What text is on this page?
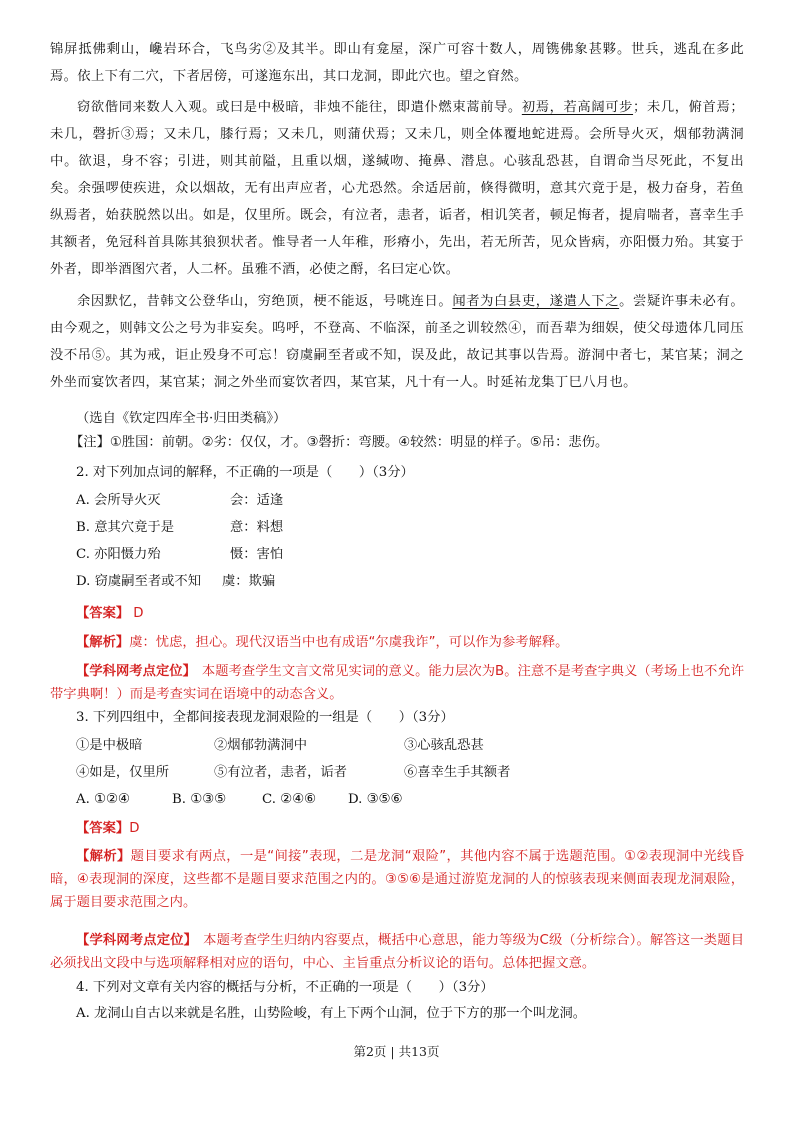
锦屏抵佛剩山，巉岩环合，飞鸟劣②及其半。即山有龛屋，深广可容十数人，周镌佛象甚夥。世兵，逃乱在多此焉。依上下有二穴，下者居傍，可遂迤东出，其口龙洞，即此穴也。望之窅然。
窃欲偕同来数人入观。或曰是中极暗，非烛不能往，即遣仆燃束蒿前导。初焉，若高阔可步；未几，俯首焉；未几，磬折③焉；又未几，膝行焉；又未几，则蒲伏焉；又未几，则全体覆地蛇进焉。会所导火灭，烟郁勃满洞中。欲退，身不容；引进，则其前隘，且重以烟，遂缄吻、掩鼻、潜息。心骇乱恐甚，自谓命当尽死此，不复出矣。余强啰使疾进，众以烟故，无有出声应者，心尤恐然。余适居前，倏得微明，意其穴竟于是，极力奋身，若鱼纵焉者，始获脱然以出。如是，仅里所。既会，有泣者，恚者，诟者，相讥笑者，顿足悔者，提肩喘者，喜幸生手其额者，免冠科首具陈其狼狈状者。惟导者一人年稚，形瘠小，先出，若无所苦，见众皆病，亦阳慑力殆。其宴于外者，即举酒图穴者，人二杯。虽雅不酒，必使之酹，名曰定心饮。
余因默忆，昔韩文公登华山，穷绝顶，梗不能返，号咷连日。闻者为白县吏，遂遣人下之。尝疑许事未必有。由今观之，则韩文公之号为非妄矣。呜呼，不登高、不临深，前圣之训较然④，而吾辈为细娱，使父母遗体几同压没不吊⑤。其为戒，讵止殁身不可忘！窃虞嗣至者或不知，误及此，故记其事以告焉。游洞中者七，某官某；洞之外坐而宴饮者四，某官某；洞之外坐而宴饮者四，某官某，凡十有一人。时延祐龙集丁巳八月也。
（选自《钦定四库全书·归田类稿》）
【注】①胜国：前朝。②劣：仅仅，才。③磬折：弯腰。④较然：明显的样子。⑤吊：悲伤。
2. 对下列加点词的解释，不正确的一项是（　　）（3分）
A. 会所导火灭	会：适逢
B. 意其穴竟于是	意：料想
C. 亦阳慑力殆	慑：害怕
D. 窃虞嗣至者或不知 虞：欺骗
【答案】 D
【解析】虞：忧虑，担心。现代汉语当中也有成语“尔虞我诈”，可以作为参考解释。
【学科网考点定位】 本题考查学生文言文常见实词的意义。能力层次为B。注意不是考查字典义（考场上也不允许带字典啊！）而是考查实词在语境中的动态含义。
3. 下列四组中，全都间接表现龙洞艰险的一组是（　　）（3分）
①是中极暗	②烟郁勃满洞中	③心骇乱恐甚
④如是，仅里所	⑤有泣者，恚者，诟者	⑥喜幸生手其额者
A. ①②④	B. ①③⑤	C. ②④⑥ D. ③⑤⑥
【答案】D
【解析】题目要求有两点，一是“间接”表现，二是龙洞“艰险”，其他内容不属于选题范围。①②表现洞中光线昏暗，④表现洞的深度，这些都不是题目要求范围之内的。③⑤⑥是通过游览龙洞的人的惊骇表现来侧面表现龙洞艰险，属于题目要求范围之内。
【学科网考点定位】 本题考查学生归纳内容要点，概括中心意思，能力等级为C级（分析综合）。解答这一类题目必须找出文段中与选项解释相对应的语句，中心、主旨重点分析议论的语句。总体把握文意。
4. 下列对文章有关内容的概括与分析，不正确的一项是（　　）（3分）
A. 龙洞山自古以来就是名胜，山势险峻，有上下两个山洞，位于下方的那一个叫龙洞。
第2页 | 共13页
